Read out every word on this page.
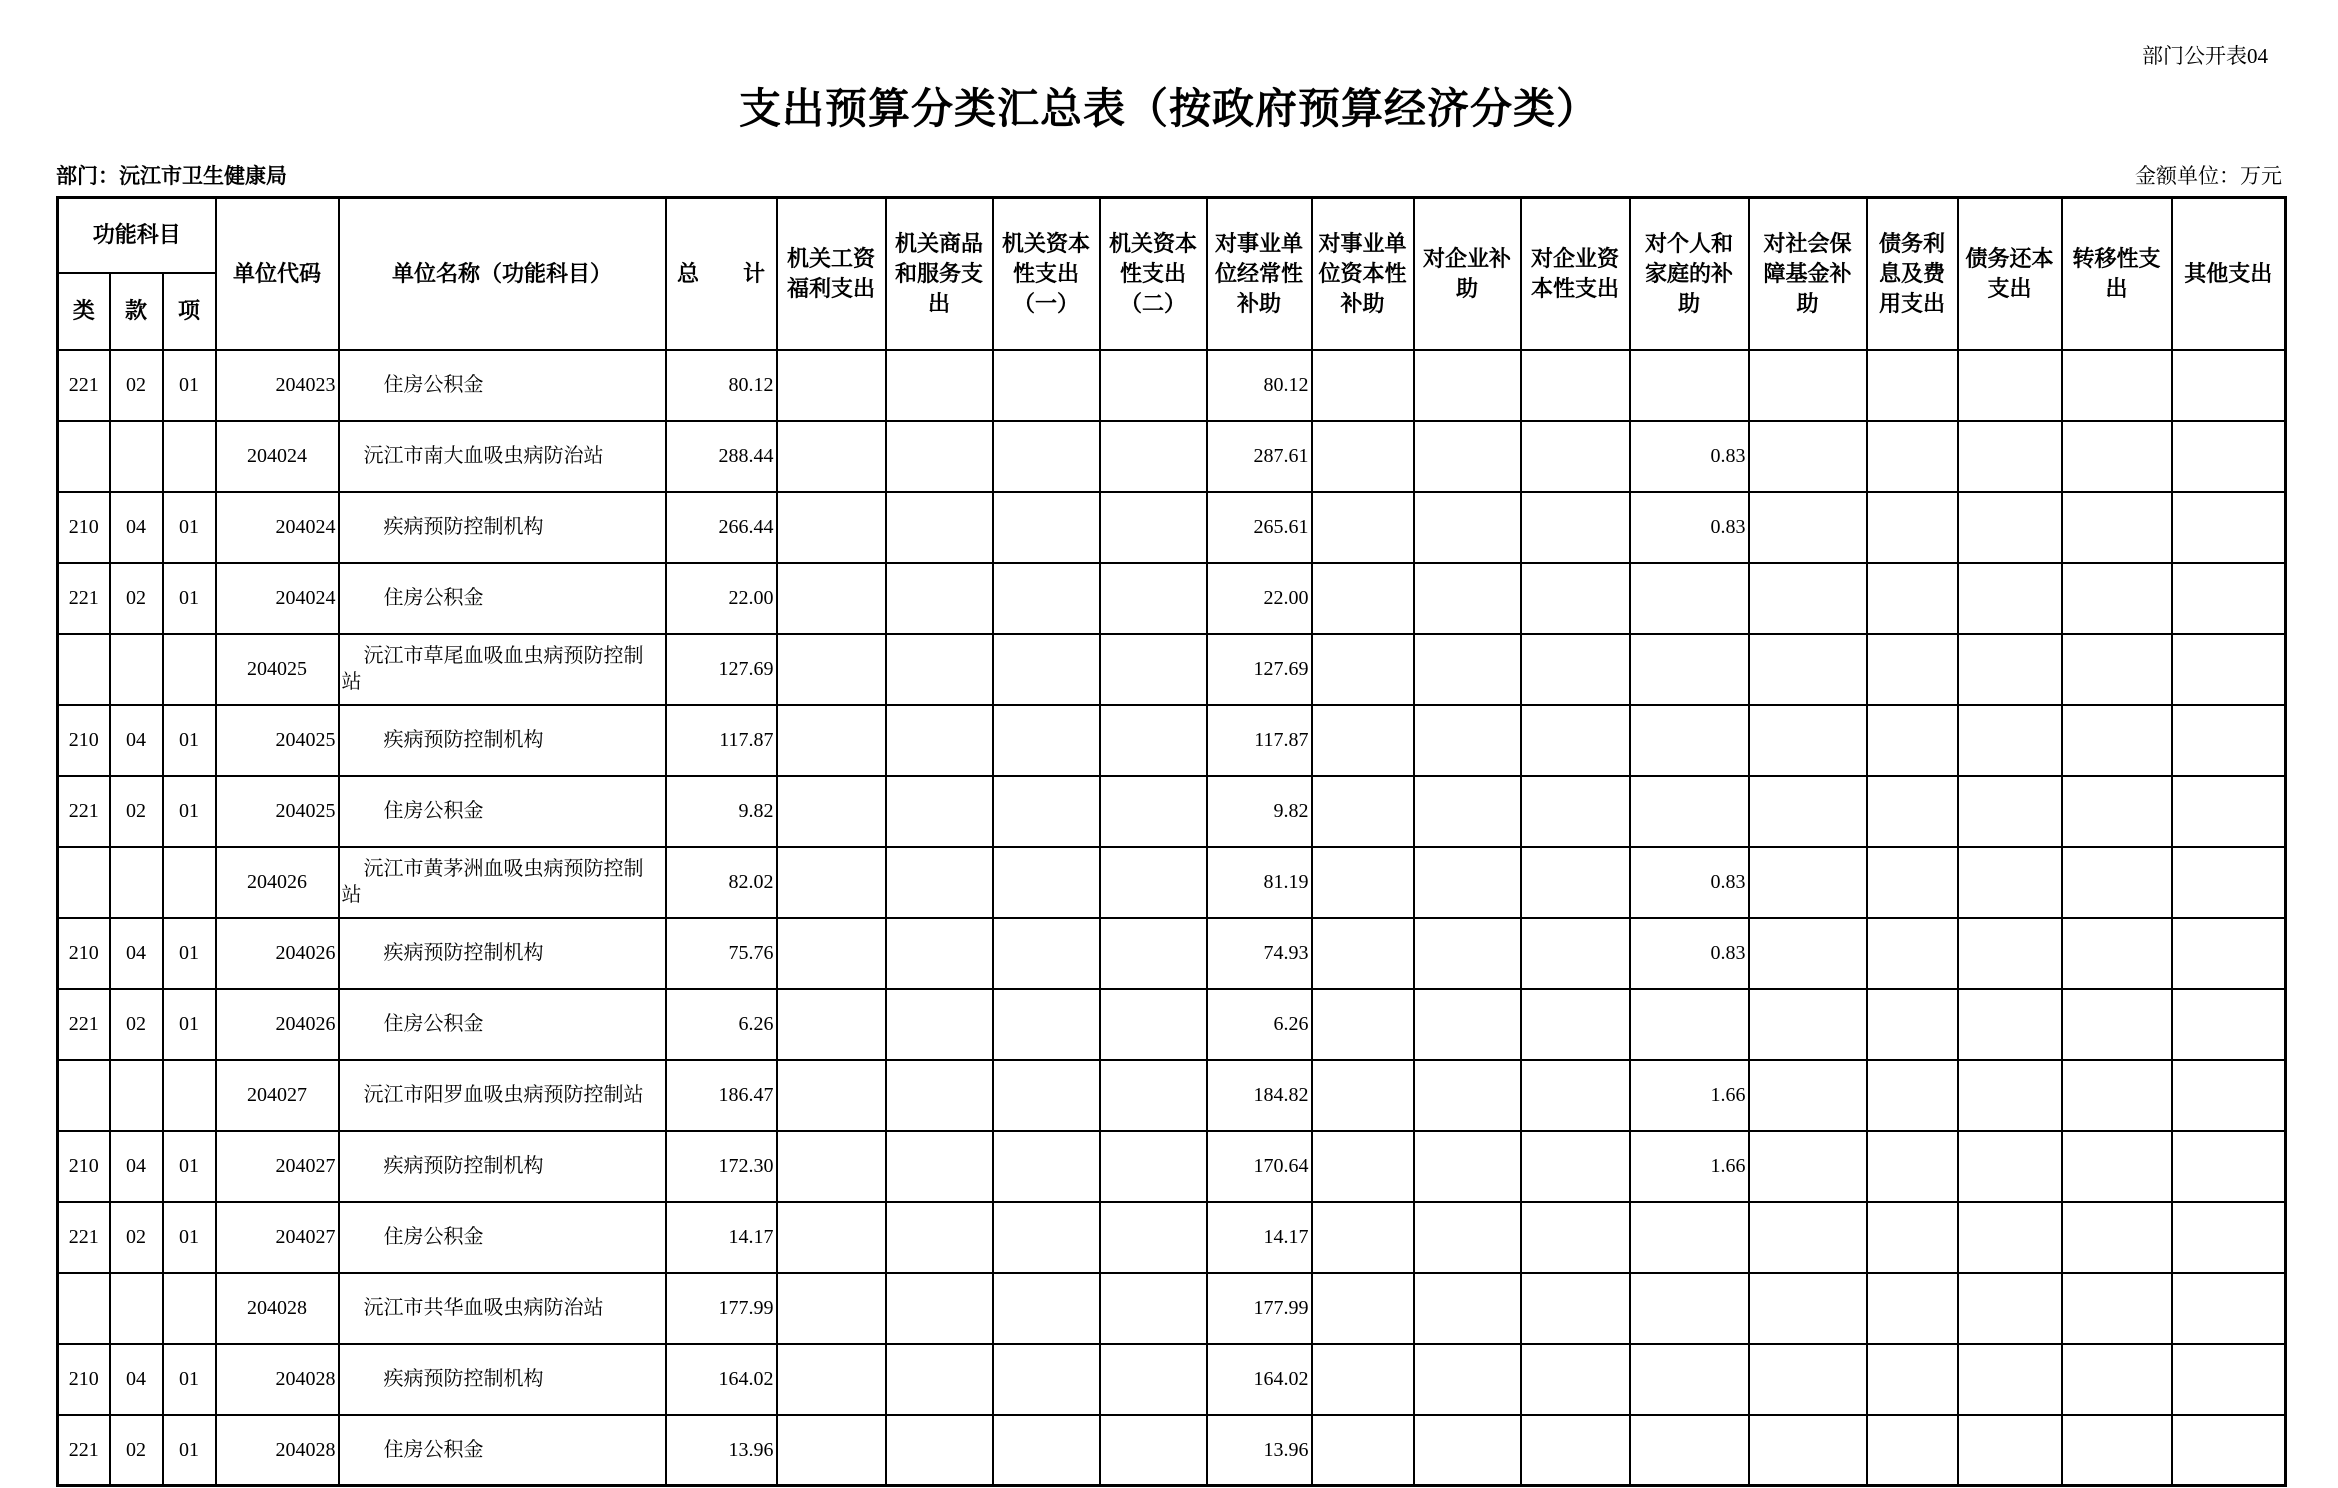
部门公开表04
支出预算分类汇总表（按政府预算经济分类）
部门：沅江市卫生健康局	金额单位：万元
功能科目			单位代码	单位名称（功能科目）	总　　计	机关工资福利支出	机关商品和服务支出	机关资本性支出（一）	机关资本性支出（二）	对事业单位经常性补助	对事业单位资本性补助	对企业补助	对企业资本性支出	对个人和家庭的补助	对社会保障基金补助	债务利息及费用支出	债务还本支出	转移性支出	其他支出
类	款	项																	
221	02	01	204023	住房公积金	80.12					80.12									
			204024	沅江市南大血吸虫病防治站	288.44					287.61				0.83					
210	04	01	204024	疾病预防控制机构	266.44					265.61				0.83					
221	02	01	204024	住房公积金	22.00					22.00									
			204025	沅江市草尾血吸血虫病预防控制站	127.69					127.69									
210	04	01	204025	疾病预防控制机构	117.87					117.87									
221	02	01	204025	住房公积金	9.82					9.82									
			204026	沅江市黄茅洲血吸虫病预防控制站	82.02					81.19				0.83					
210	04	01	204026	疾病预防控制机构	75.76					74.93				0.83					
221	02	01	204026	住房公积金	6.26					6.26									
			204027	沅江市阳罗血吸虫病预防控制站	186.47					184.82				1.66					
210	04	01	204027	疾病预防控制机构	172.30					170.64				1.66					
221	02	01	204027	住房公积金	14.17					14.17									
			204028	沅江市共华血吸虫病防治站	177.99					177.99									
210	04	01	204028	疾病预防控制机构	164.02					164.02									
221	02	01	204028	住房公积金	13.96					13.96									
